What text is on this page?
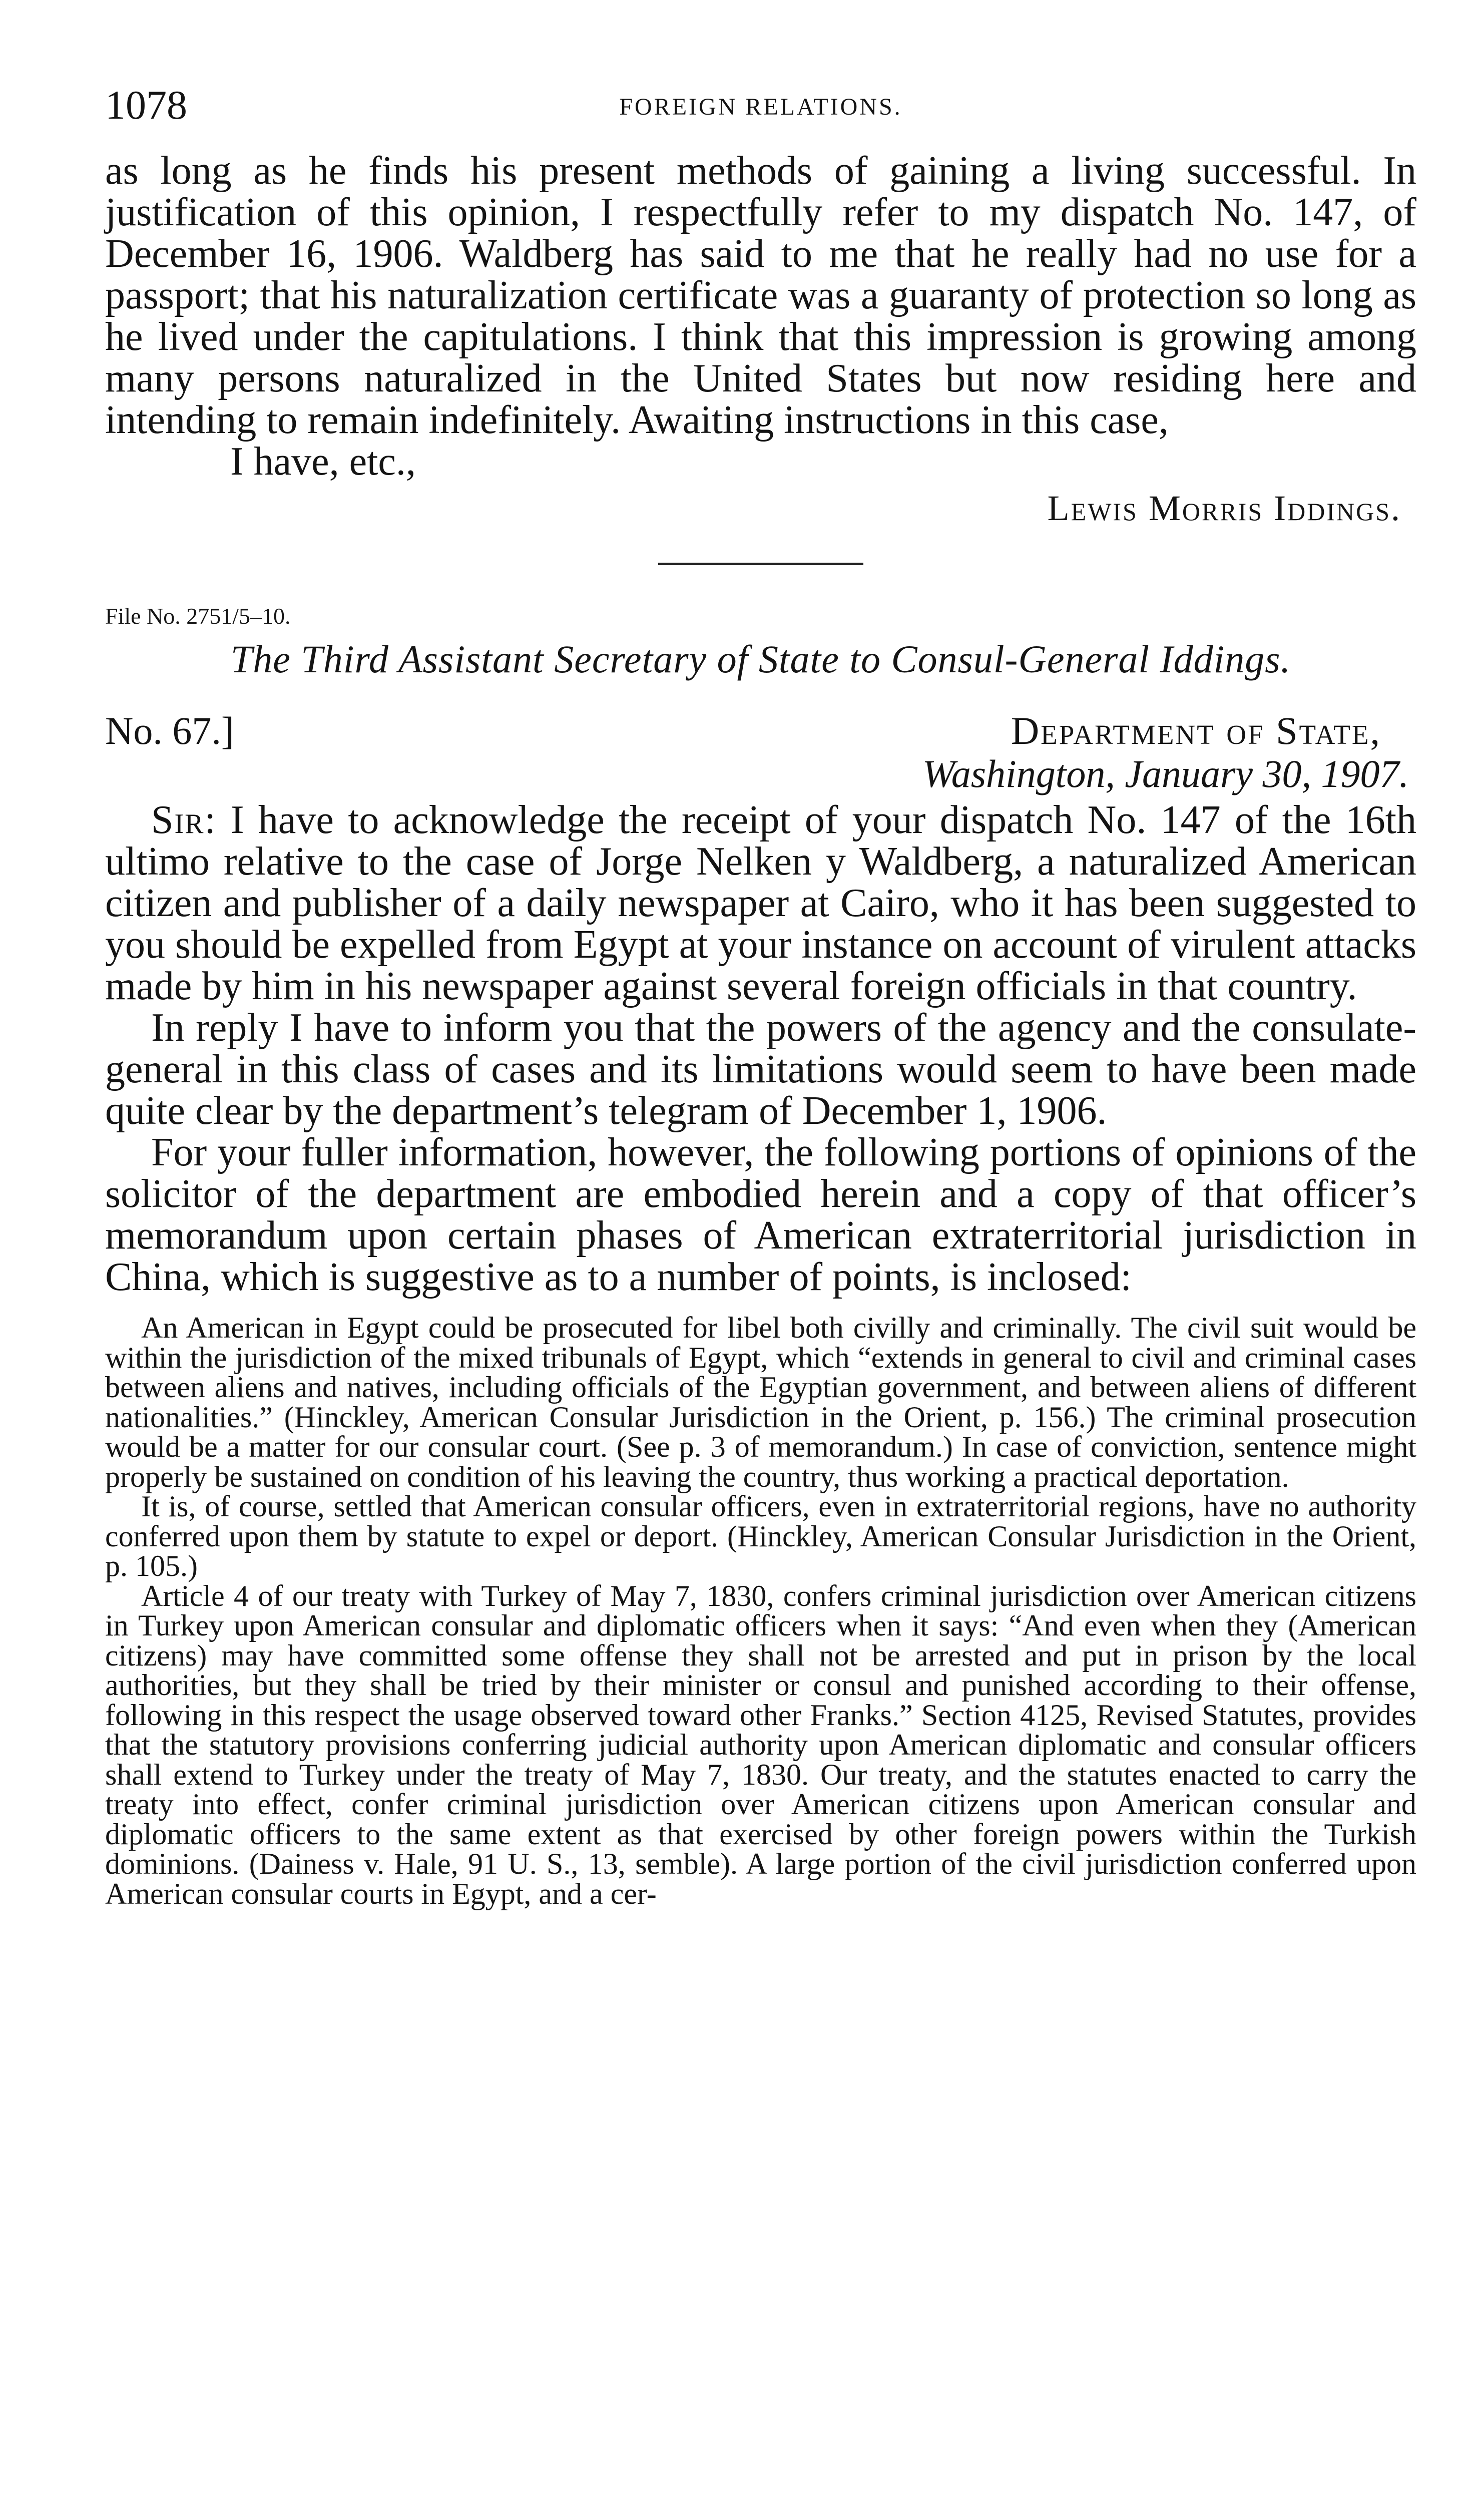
1078	FOREIGN RELATIONS.

as long as he finds his present methods of gaining a living successful. In justification of this opinion, I respectfully refer to my dispatch No. 147, of December 16, 1906. Waldberg has said to me that he really had no use for a passport; that his naturalization certificate was a guaranty of protection so long as he lived under the capitulations. I think that this impression is growing among many persons naturalized in the United States but now residing here and intending to remain indefinitely. Awaiting instructions in this case,

I have, etc.,

Lewis Morris Iddings.

File No. 2751/5–10.

The Third Assistant Secretary of State to Consul-General Iddings.

No. 67.]	Department of State,
Washington, January 30, 1907.

Sir: I have to acknowledge the receipt of your dispatch No. 147 of the 16th ultimo relative to the case of Jorge Nelken y Waldberg, a naturalized American citizen and publisher of a daily newspaper at Cairo, who it has been suggested to you should be expelled from Egypt at your instance on account of virulent attacks made by him in his newspaper against several foreign officials in that country.

In reply I have to inform you that the powers of the agency and the consulate-general in this class of cases and its limitations would seem to have been made quite clear by the department’s telegram of December 1, 1906.

For your fuller information, however, the following portions of opinions of the solicitor of the department are embodied herein and a copy of that officer’s memorandum upon certain phases of American extraterritorial jurisdiction in China, which is suggestive as to a number of points, is inclosed:

An American in Egypt could be prosecuted for libel both civilly and criminally. The civil suit would be within the jurisdiction of the mixed tribunals of Egypt, which “extends in general to civil and criminal cases between aliens and natives, including officials of the Egyptian government, and between aliens of different nationalities.” (Hinckley, American Consular Jurisdiction in the Orient, p. 156.) The criminal prosecution would be a matter for our consular court. (See p. 3 of memorandum.) In case of conviction, sentence might properly be sustained on condition of his leaving the country, thus working a practical deportation.

It is, of course, settled that American consular officers, even in extraterritorial regions, have no authority conferred upon them by statute to expel or deport. (Hinckley, American Consular Jurisdiction in the Orient, p. 105.)

Article 4 of our treaty with Turkey of May 7, 1830, confers criminal jurisdiction over American citizens in Turkey upon American consular and diplomatic officers when it says: “And even when they (American citizens) may have committed some offense they shall not be arrested and put in prison by the local authorities, but they shall be tried by their minister or consul and punished according to their offense, following in this respect the usage observed toward other Franks.” Section 4125, Revised Statutes, provides that the statutory provisions conferring judicial authority upon American diplomatic and consular officers shall extend to Turkey under the treaty of May 7, 1830. Our treaty, and the statutes enacted to carry the treaty into effect, confer criminal jurisdiction over American citizens upon American consular and diplomatic officers to the same extent as that exercised by other foreign powers within the Turkish dominions. (Dainess v. Hale, 91 U. S., 13, semble). A large portion of the civil jurisdiction conferred upon American consular courts in Egypt, and a cer-
